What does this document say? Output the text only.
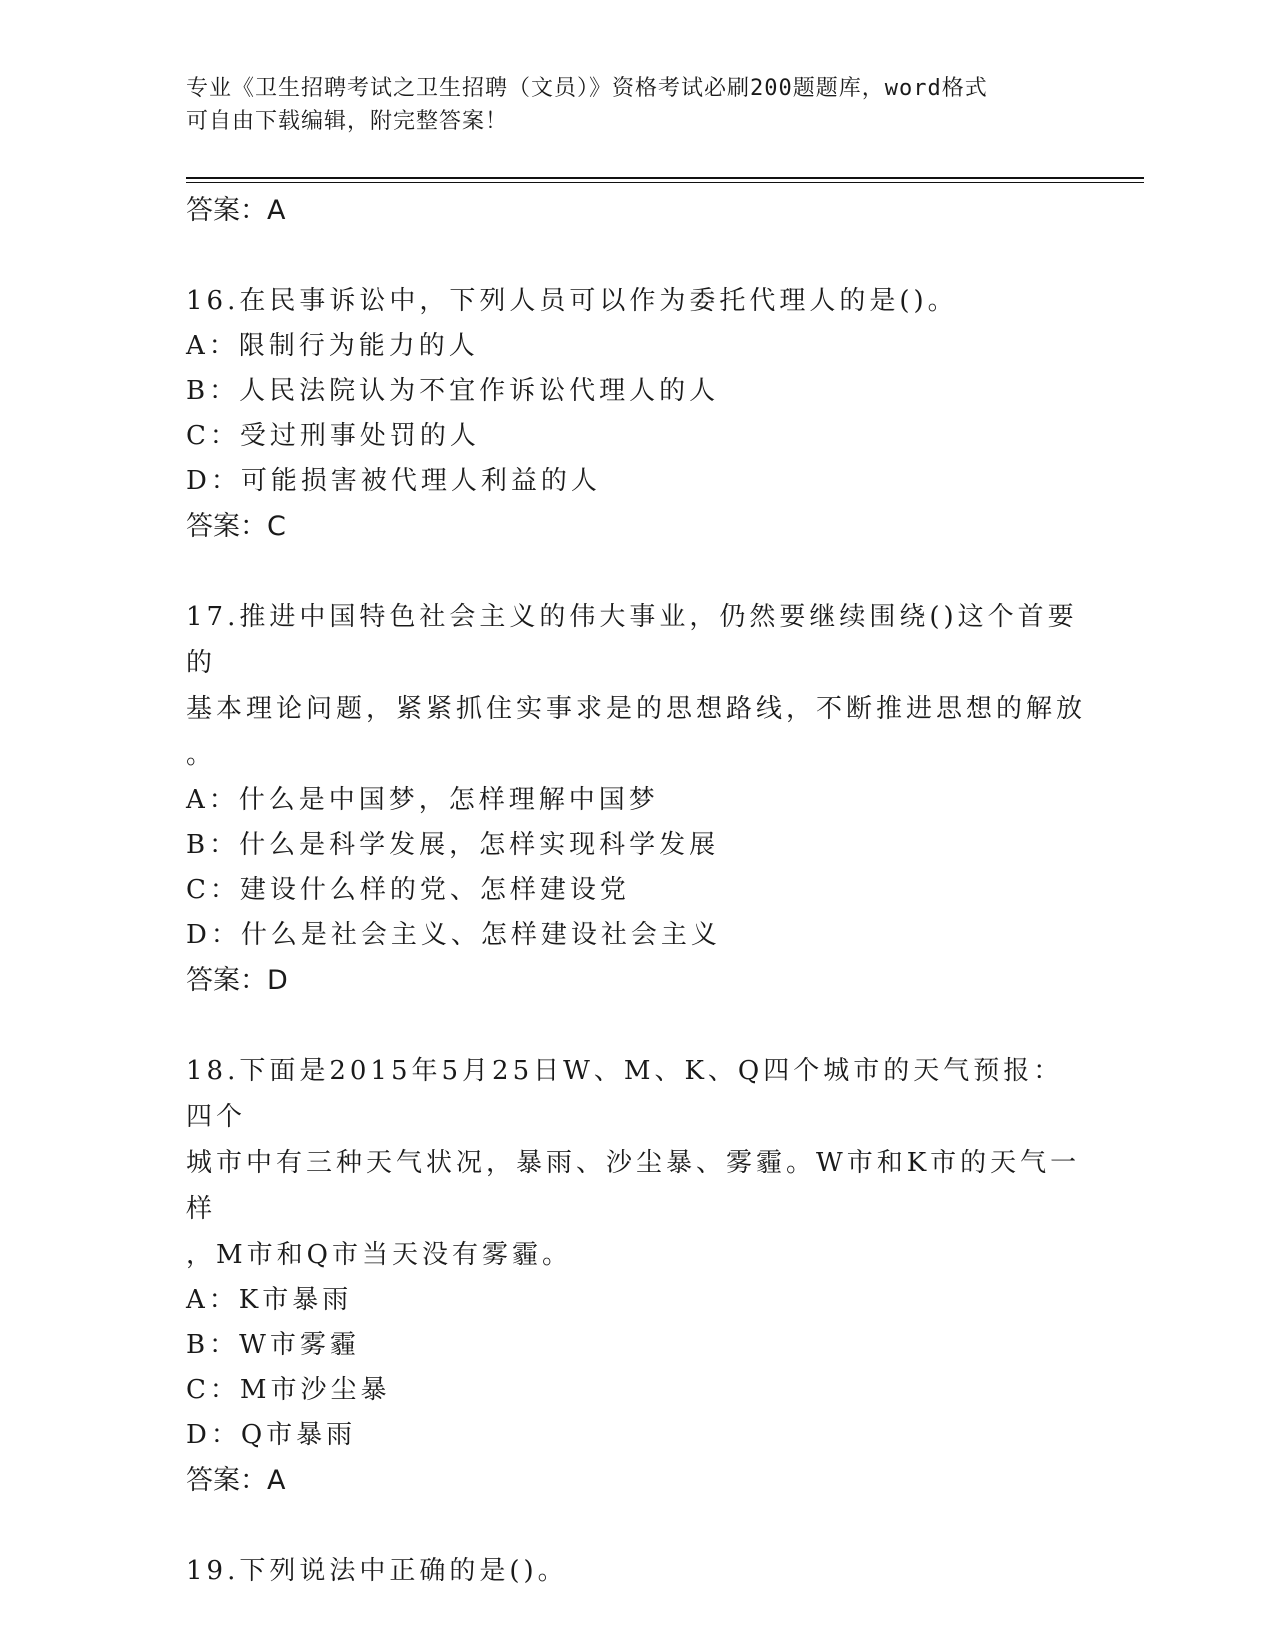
专业《卫生招聘考试之卫生招聘（文员）》资格考试必刷200题题库，word格式
可自由下载编辑，附完整答案！
答案：A
16.在民事诉讼中，下列人员可以作为委托代理人的是()。
A：限制行为能力的人
B：人民法院认为不宜作诉讼代理人的人
C：受过刑事处罚的人
D：可能损害被代理人利益的人
答案：C
17.推进中国特色社会主义的伟大事业，仍然要继续围绕()这个首要的
基本理论问题，紧紧抓住实事求是的思想路线，不断推进思想的解放
。
A：什么是中国梦，怎样理解中国梦
B：什么是科学发展，怎样实现科学发展
C：建设什么样的党、怎样建设党
D：什么是社会主义、怎样建设社会主义
答案：D
18.下面是2015年5月25日W、M、K、Q四个城市的天气预报：四个
城市中有三种天气状况，暴雨、沙尘暴、雾霾。W市和K市的天气一样
，M市和Q市当天没有雾霾。
A：K市暴雨
B：W市雾霾
C：M市沙尘暴
D：Q市暴雨
答案：A
19.下列说法中正确的是()。
